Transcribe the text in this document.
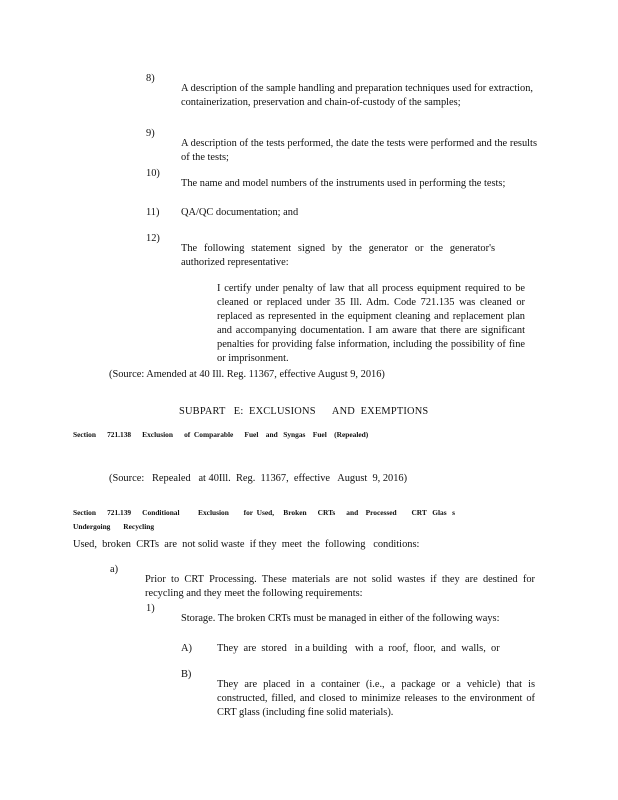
8)

A description of the sample handling and preparation techniques used for extraction, containerization, preservation and chain-of-custody of the samples;

9)

A description of the tests performed, the date the tests were performed and the results of the tests;

10)

The name and model numbers of the instruments used in performing the tests;

11) QA/QC documentation; and

12)

The following statement signed by the generator or the generator's authorized representative:

I certify under penalty of law that all process equipment required to be cleaned or replaced under 35 Ill. Adm. Code 721.135 was cleaned or replaced as represented in the equipment cleaning and replacement plan and accompanying documentation. I am aware that there are significant penalties for providing false information, including the possibility of fine or imprisonment.

(Source: Amended at 40 Ill. Reg. 11367, effective August 9, 2016)

SUBPART   E:  EXCLUSIONS      AND  EXEMPTIONS

Section      721.138      Exclusion      of  Comparable      Fuel    and   Syngas    Fuel    (Repealed)

(Source:   Repealed   at 40Ill.  Reg.  11367,  effective   August  9, 2016)

Section      721.139      Conditional          Exclusion        for  Used,     Broken      CRTs      and    Processed        CRT   Glas   s

Undergoing       Recycling

Used,  broken  CRTs  are  not solid waste  if they  meet  the  following   conditions:

a)

Prior to CRT Processing. These materials are not solid wastes if they are destined for recycling and they meet the following requirements:

1)

Storage. The broken CRTs must be managed in either of the following ways:

A) They  are  stored   in a building   with  a  roof,  floor,  and  walls,  or

B)

They are placed in a container (i.e., a package or a vehicle) that is constructed, filled, and closed to minimize releases to the environment of CRT glass (including fine solid materials).
